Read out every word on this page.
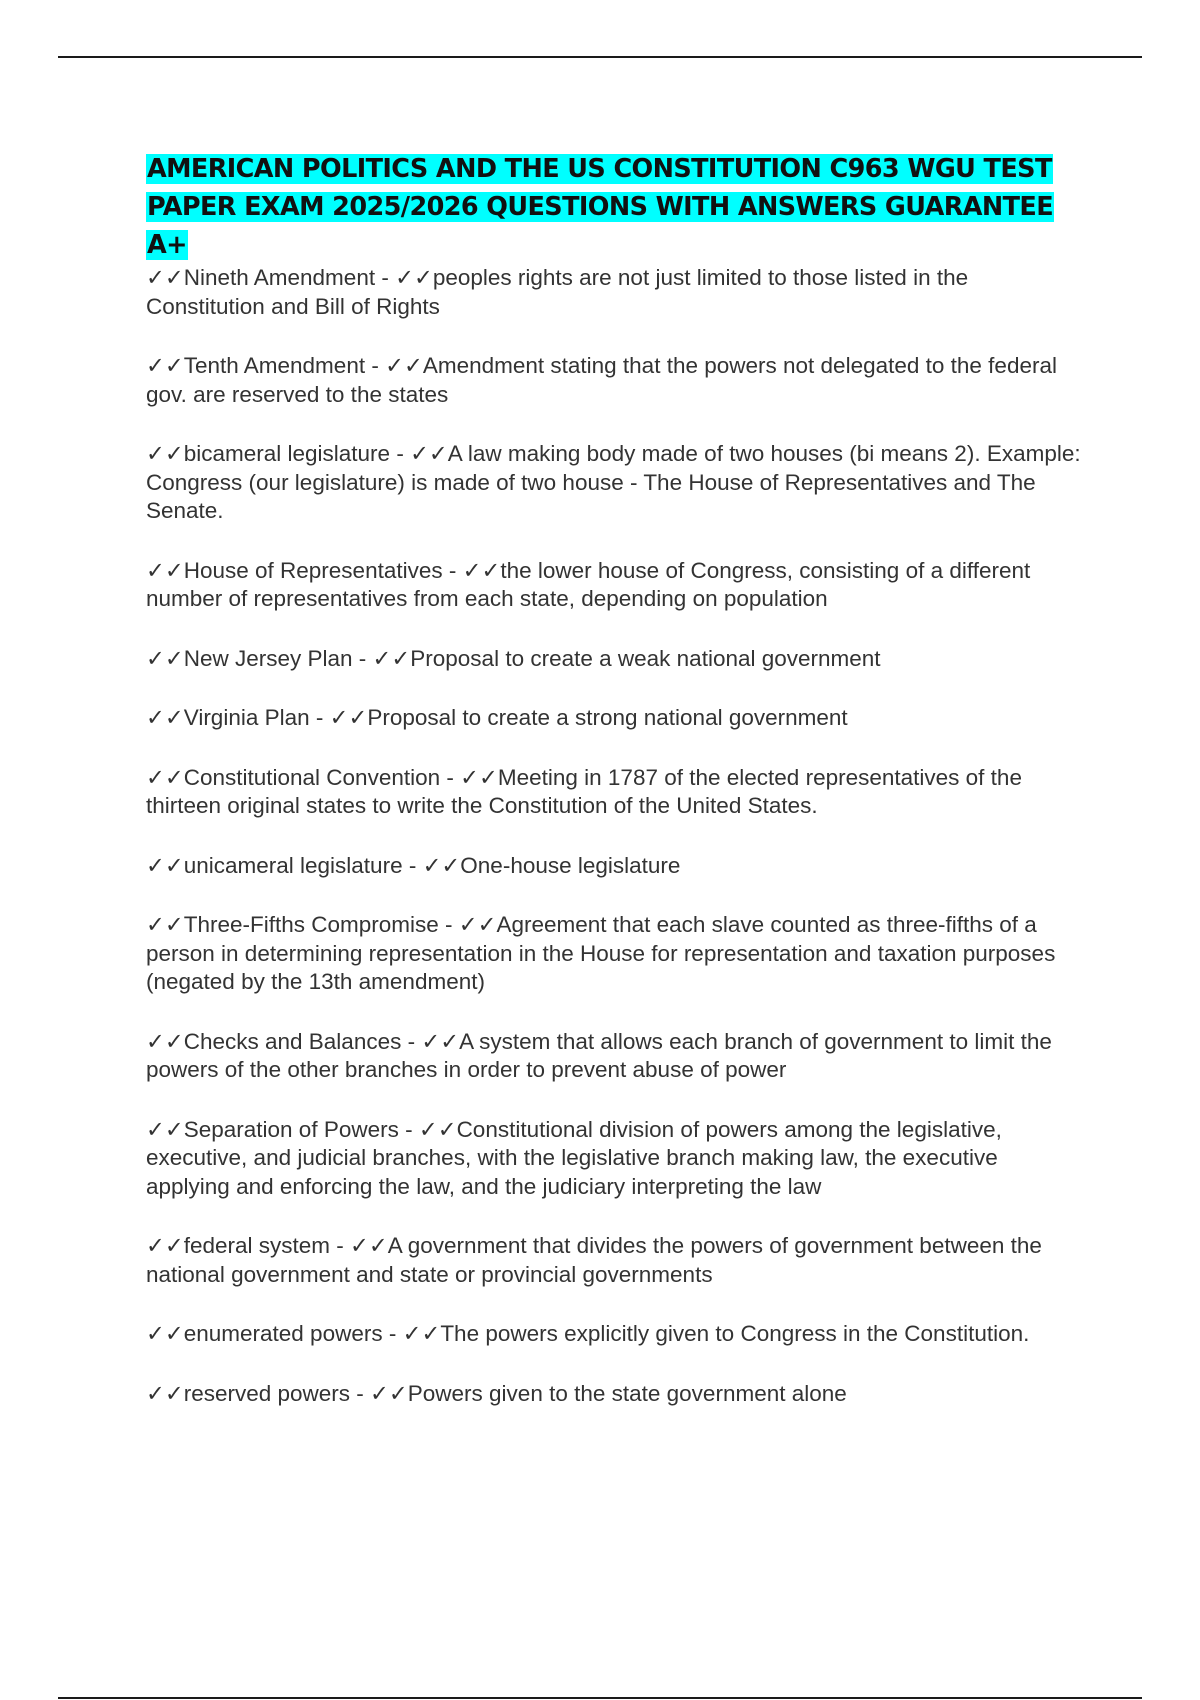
AMERICAN POLITICS AND THE US CONSTITUTION C963 WGU TEST PAPER EXAM 2025/2026 QUESTIONS WITH ANSWERS GUARANTEE A+
✓✓Nineth Amendment - ✓✓peoples rights are not just limited to those listed in the Constitution and Bill of Rights
✓✓Tenth Amendment - ✓✓Amendment stating that the powers not delegated to the federal gov. are reserved to the states
✓✓bicameral legislature - ✓✓A law making body made of two houses (bi means 2). Example: Congress (our legislature) is made of two house - The House of Representatives and The Senate.
✓✓House of Representatives - ✓✓the lower house of Congress, consisting of a different number of representatives from each state, depending on population
✓✓New Jersey Plan - ✓✓Proposal to create a weak national government
✓✓Virginia Plan - ✓✓Proposal to create a strong national government
✓✓Constitutional Convention - ✓✓Meeting in 1787 of the elected representatives of the thirteen original states to write the Constitution of the United States.
✓✓unicameral legislature - ✓✓One-house legislature
✓✓Three-Fifths Compromise - ✓✓Agreement that each slave counted as three-fifths of a person in determining representation in the House for representation and taxation purposes (negated by the 13th amendment)
✓✓Checks and Balances - ✓✓A system that allows each branch of government to limit the powers of the other branches in order to prevent abuse of power
✓✓Separation of Powers - ✓✓Constitutional division of powers among the legislative, executive, and judicial branches, with the legislative branch making law, the executive applying and enforcing the law, and the judiciary interpreting the law
✓✓federal system - ✓✓A government that divides the powers of government between the national government and state or provincial governments
✓✓enumerated powers - ✓✓The powers explicitly given to Congress in the Constitution.
✓✓reserved powers - ✓✓Powers given to the state government alone
